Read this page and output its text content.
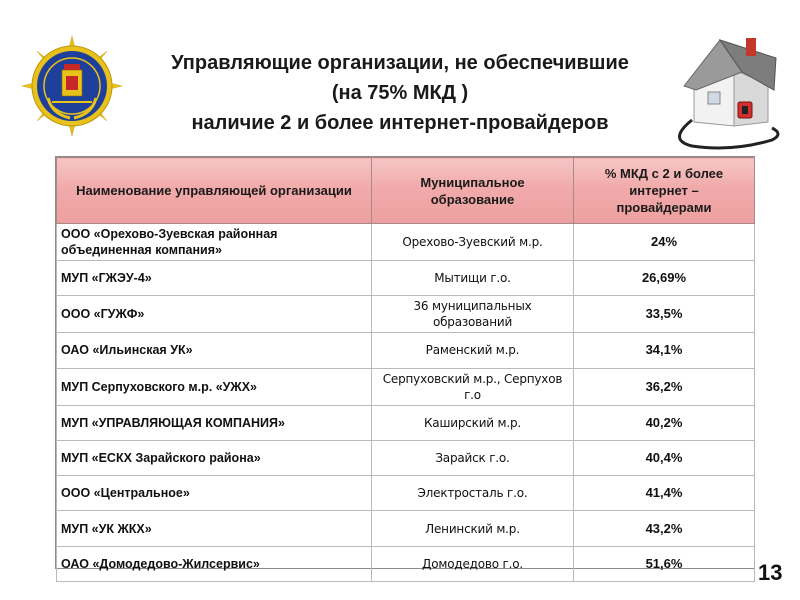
Управляющие организации, не обеспечившие
(на 75% МКД )
наличие 2 и более интернет-провайдеров
Наименование управляющей организации	Муниципальное образование	% МКД с 2 и более интернет – провайдерами
ООО «Орехово-Зуевская районная объединенная компания»	Орехово-Зуевский м.р.	24%
МУП «ГЖЭУ-4»	Мытищи г.о.	26,69%
ООО «ГУЖФ»	36 муниципальных образований	33,5%
ОАО «Ильинская УК»	Раменский м.р.	34,1%
МУП Серпуховского м.р. «УЖХ»	Серпуховский м.р., Серпухов г.о	36,2%
МУП «УПРАВЛЯЮЩАЯ КОМПАНИЯ»	Каширский м.р.	40,2%
МУП «ЕСКХ Зарайского района»	Зарайск г.о.	40,4%
ООО «Центральное»	Электросталь г.о.	41,4%
МУП «УК ЖКХ»	Ленинский м.р.	43,2%
ОАО «Домодедово-Жилсервис»	Домодедово г.о.	51,6%	13
